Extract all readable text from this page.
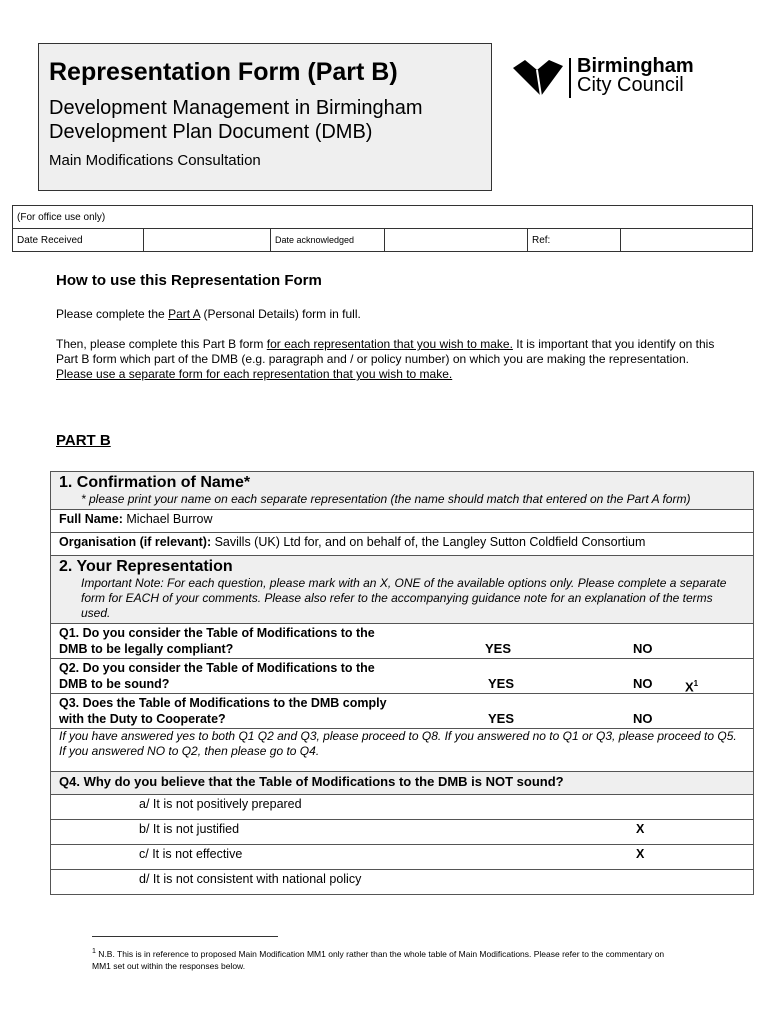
Representation Form (Part B)
Development Management in Birmingham
Development Plan Document (DMB)
Main Modifications Consultation
Birmingham
City Council
(For office use only)
Date Received		Date acknowledged		Ref:	
How to use this Representation Form
Please complete the Part A (Personal Details) form in full.
Then, please complete this Part B form for each representation that you wish to make. It is important that you identify on this Part B form which part of the DMB (e.g. paragraph and / or policy number) on which you are making the representation. Please use a separate form for each representation that you wish to make.
PART B
1. Confirmation of Name*
* please print your name on each separate representation (the name should match that entered on the Part A form)

Full Name: Michael Burrow
Organisation (if relevant): Savills (UK) Ltd for, and on behalf of, the Langley Sutton Coldfield Consortium

2. Your Representation
Important Note: For each question, please mark with an X, ONE of the available options only. Please complete a separate form for EACH of your comments. Please also refer to the accompanying guidance note for an explanation of the terms used.

Q1. Do you consider the Table of Modifications to the
DMB to be legally compliant?	YES	NO

Q2. Do you consider the Table of Modifications to the
DMB to be sound?	YES	NO	$X^1$

Q3. Does the Table of Modifications to the DMB comply
with the Duty to Cooperate?	YES	NO

If you have answered yes to both Q1 Q2 and Q3, please proceed to Q8. If you answered no to Q1 or Q3, please proceed to Q5. If you answered NO to Q2, then please go to Q4.
Q4. Why do you believe that the Table of Modifications to the DMB is NOT sound?
a/ It is not positively prepared

b/ It is not justified	X

c/ It is not effective	X

d/ It is not consistent with national policy
$^1$ N.B. This is in reference to proposed Main Modification MM1 only rather than the whole table of Main Modifications. Please refer to the commentary on MM1 set out within the responses below.
